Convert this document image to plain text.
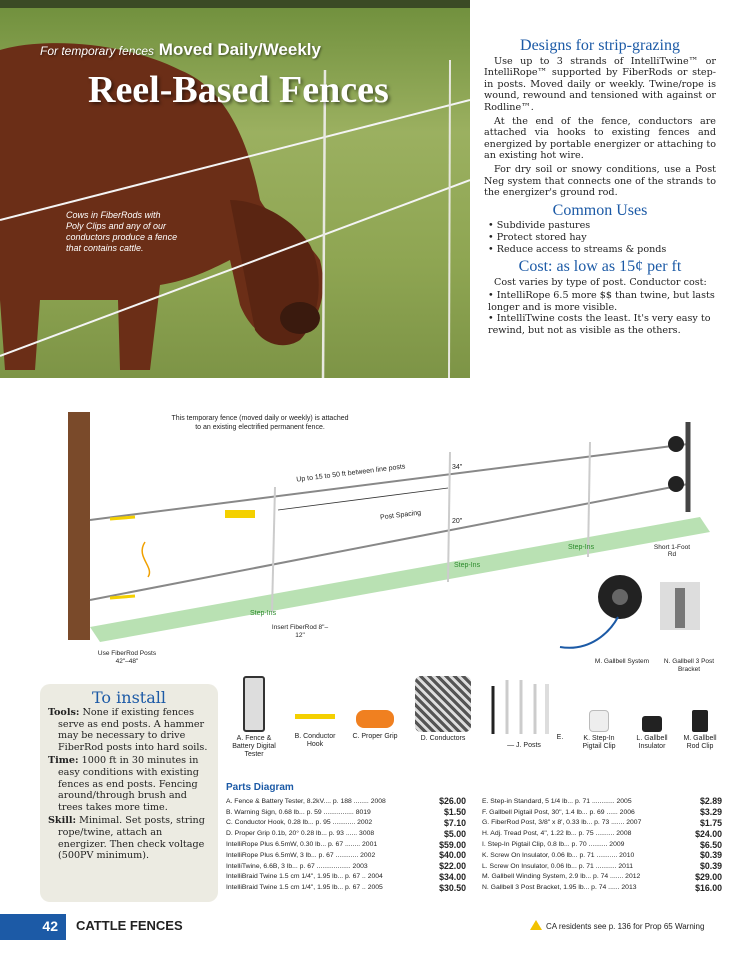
For temporary fences Moved Daily/Weekly
Reel-Based Fences
Cows in FiberRods with Poly Clips and any of our conductors produce a fence that contains cattle.
Designs for strip-grazing

Use up to 3 strands of IntelliTwine™ or IntelliRope™ supported by FiberRods or step-in posts. Moved daily or weekly. Twine/rope is wound, rewound and tensioned with against or Rodline™.

At the end of the fence, conductors are attached via hooks to existing fences and energized by portable energizer or attaching to an existing hot wire.

For dry soil or snowy conditions, use a Post Neg system that connects one of the strands to the energizer's ground rod.

Common Uses
• Subdivide pastures
• Protect stored hay
• Reduce access to streams & ponds
Cost: as low as 15¢ per ft

Cost varies by type of post. Conductor cost:

• IntelliRope 6.5 more $$ than twine, but lasts longer and is more visible.
• IntelliTwine costs the least. It's very easy to rewind, but not as visible as the others.
This temporary fence (moved daily or weekly) is attached to an existing electrified permanent fence.
Up to 15 to 50 ft between line posts
Post Spacing
34"
20"
Step-Ins
Step-Ins
Step-Ins	Short 1-Foot Rd
Use FiberRod Posts 42"–48"
Insert FiberRod 8"–12"
M. Gallbell System	N. Gallbell 3 Post Bracket
To install

Tools: None if existing fences serve as end posts. A hammer may be necessary to drive FiberRod posts into hard soils.

Time: 1000 ft in 30 minutes in easy conditions with existing fences as end posts. Fencing around/through brush and trees takes more time.

Skill: Minimal. Set posts, string rope/twine, attach an energizer. Then check voltage (500PV minimum).

A. Fence & Battery Digital Tester
B. Conductor Hook
C. Proper Grip	D. Conductors	E. — J. Posts
K. Step-In Pigtail Clip
L. Gallbell Insulator
M. Gallbell Rod Clip
Parts Diagram
A. Fence & Battery Tester, 8.2kV.... p. 188 ........ 2008	$26.00
B. Warning Sign, 0.68 lb... p. 59 ................ 8019	$1.50
C. Conductor Hook, 0.28 lb... p. 95 ............ 2002	$7.10
D. Proper Grip 0.1b, 20° 0.28 lb... p. 93 ...... 3008	$5.00
IntelliRope Plus 6.5mW, 0.30 lb... p. 67 ........ 2001	$59.00
IntelliRope Plus 6.5mW, 3 lb... p. 67 ............ 2002	$40.00
IntelliTwine, 6.6B, 3 lb... p. 67 .................. 2003	$22.00
IntelliBraid Twine 1.5 cm 1/4", 1.95 lb... p. 67 .. 2004	$34.00
IntelliBraid Twine 1.5 cm 1/4", 1.95 lb... p. 67 .. 2005	$30.50
E. Step-in Standard, 5 1/4 lb... p. 71 ............ 2005	$2.89
F. Gallbell Pigtail Post, 30", 1.4 lb... p. 69 ...... 2006	$3.29
G. FiberRod Post, 3/8" x 8', 0.33 lb... p. 73 ....... 2007	$1.75
H. Adj. Tread Post, 4", 1.22 lb... p. 75 .......... 2008	$24.00
I. Step-In Pigtail Clip, 0.8 lb... p. 70 .......... 2009	$6.50
K. Screw On Insulator, 0.06 lb... p. 71 ........... 2010	$0.39
L. Screw On Insulator, 0.06 lb... p. 71 ........... 2011	$0.39
M. Gallbell Winding System, 2.9 lb... p. 74 ....... 2012	$29.00
N. Gallbell 3 Post Bracket, 1.95 lb... p. 74 ...... 2013	$16.00
42	CATTLE FENCES	CA residents see p. 136 for Prop 65 Warning
